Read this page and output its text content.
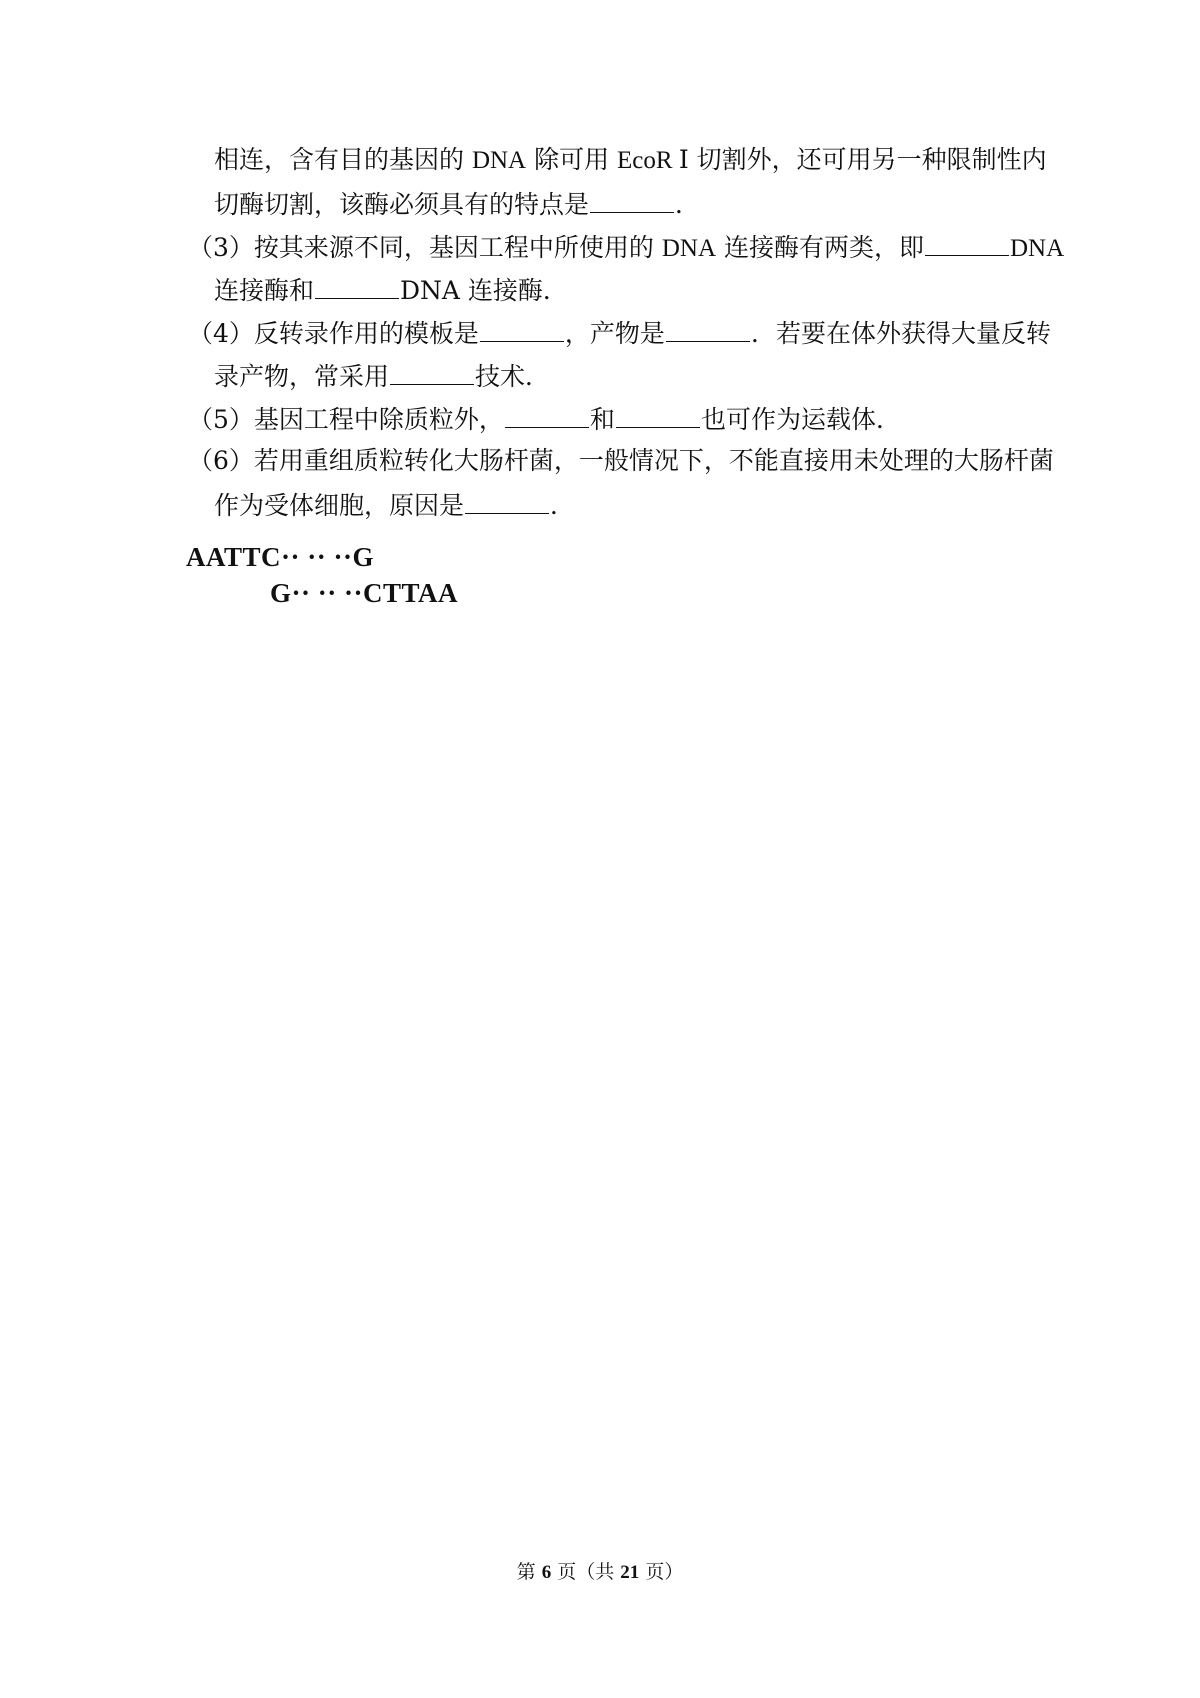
相连，含有目的基因的 DNA 除可用 EcoR Ⅰ 切割外，还可用另一种限制性内
切酶切割，该酶必须具有的特点是	．
（3）按其来源不同，基因工程中所使用的 DNA 连接酶有两类，即	DNA
连接酶和	DNA 连接酶．
（4）反转录作用的模板是	，产物是	．若要在体外获得大量反转
录产物，常采用	技术．
（5）基因工程中除质粒外，	和	也可作为运载体．
（6）若用重组质粒转化大肠杆菌，一般情况下，不能直接用未处理的大肠杆菌
作为受体细胞，原因是	．
AATTC·· ·· ··G
G·· ·· ··CTTAA
第 6 页（共 21 页）
